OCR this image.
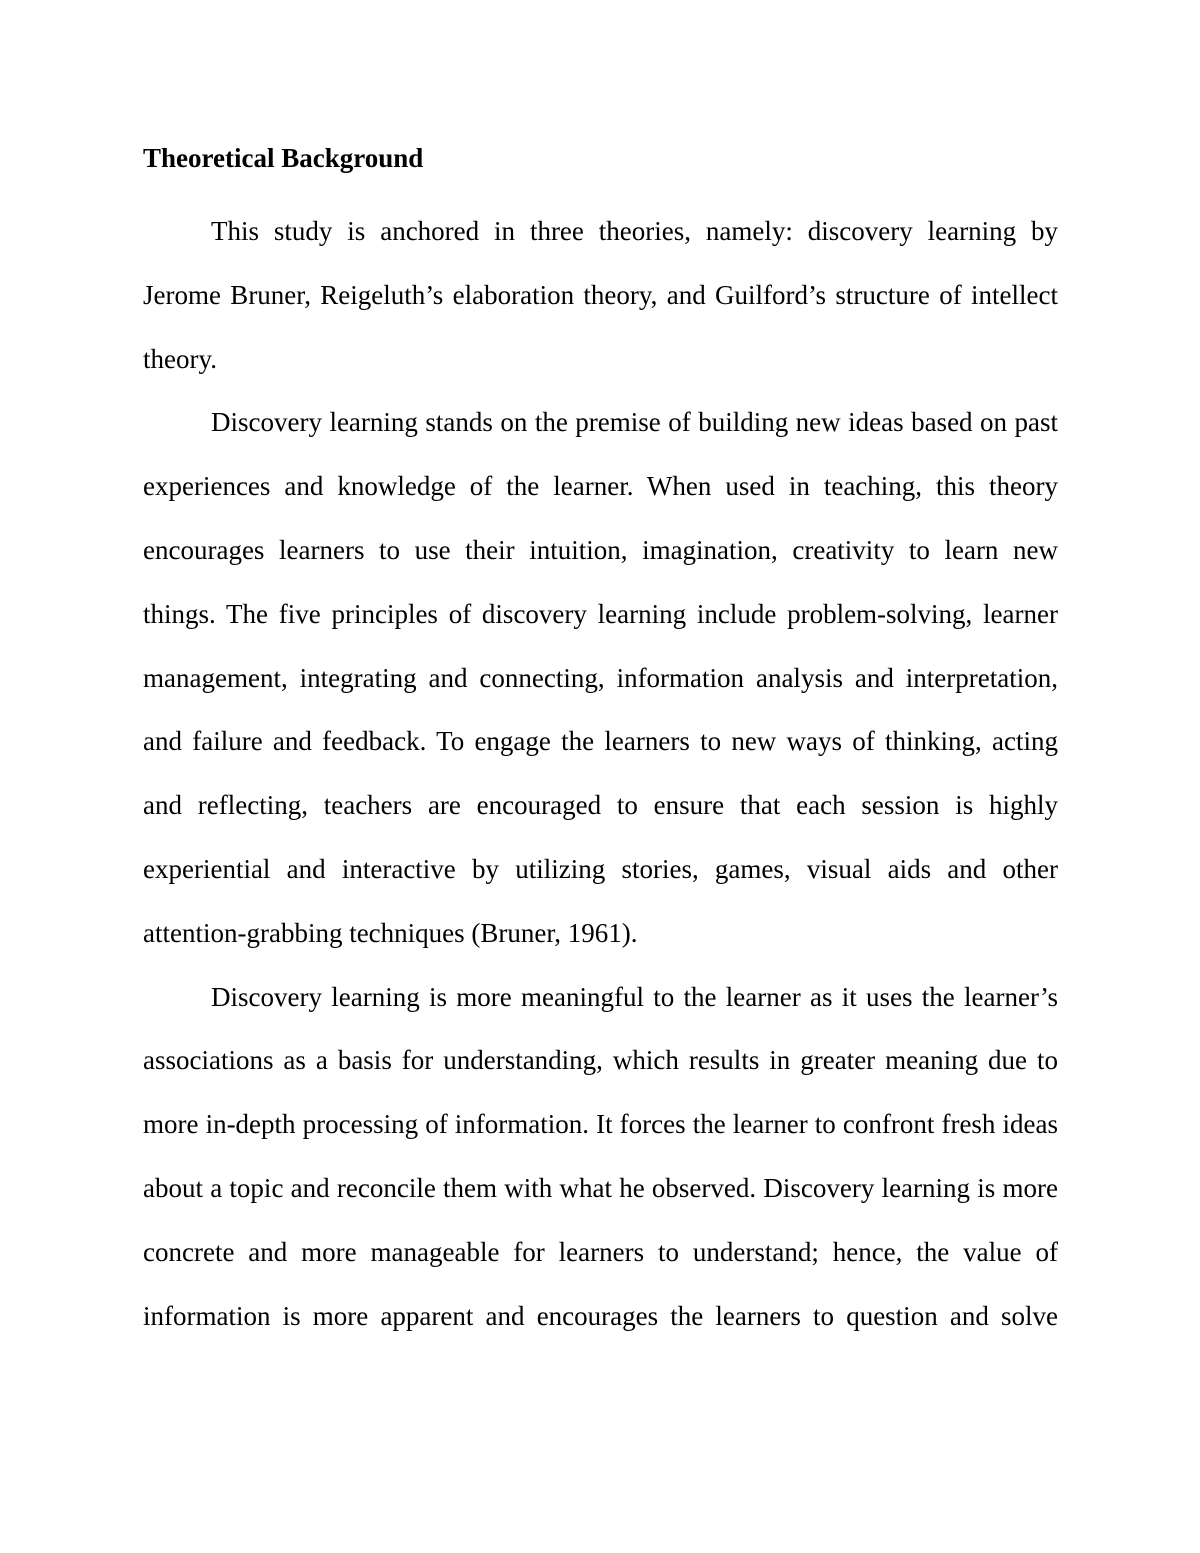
Theoretical Background

This study is anchored in three theories, namely: discovery learning by Jerome Bruner, Reigeluth’s elaboration theory, and Guilford’s structure of intellect theory.

Discovery learning stands on the premise of building new ideas based on past experiences and knowledge of the learner. When used in teaching, this theory encourages learners to use their intuition, imagination, creativity to learn new things. The five principles of discovery learning include problem-solving, learner management, integrating and connecting, information analysis and interpretation, and failure and feedback. To engage the learners to new ways of thinking, acting and reflecting, teachers are encouraged to ensure that each session is highly experiential and interactive by utilizing stories, games, visual aids and other attention-grabbing techniques (Bruner, 1961).

Discovery learning is more meaningful to the learner as it uses the learner’s associations as a basis for understanding, which results in greater meaning due to more in-depth processing of information. It forces the learner to confront fresh ideas about a topic and reconcile them with what he observed. Discovery learning is more concrete and more manageable for learners to understand; hence, the value of information is more apparent and encourages the learners to question and solve
